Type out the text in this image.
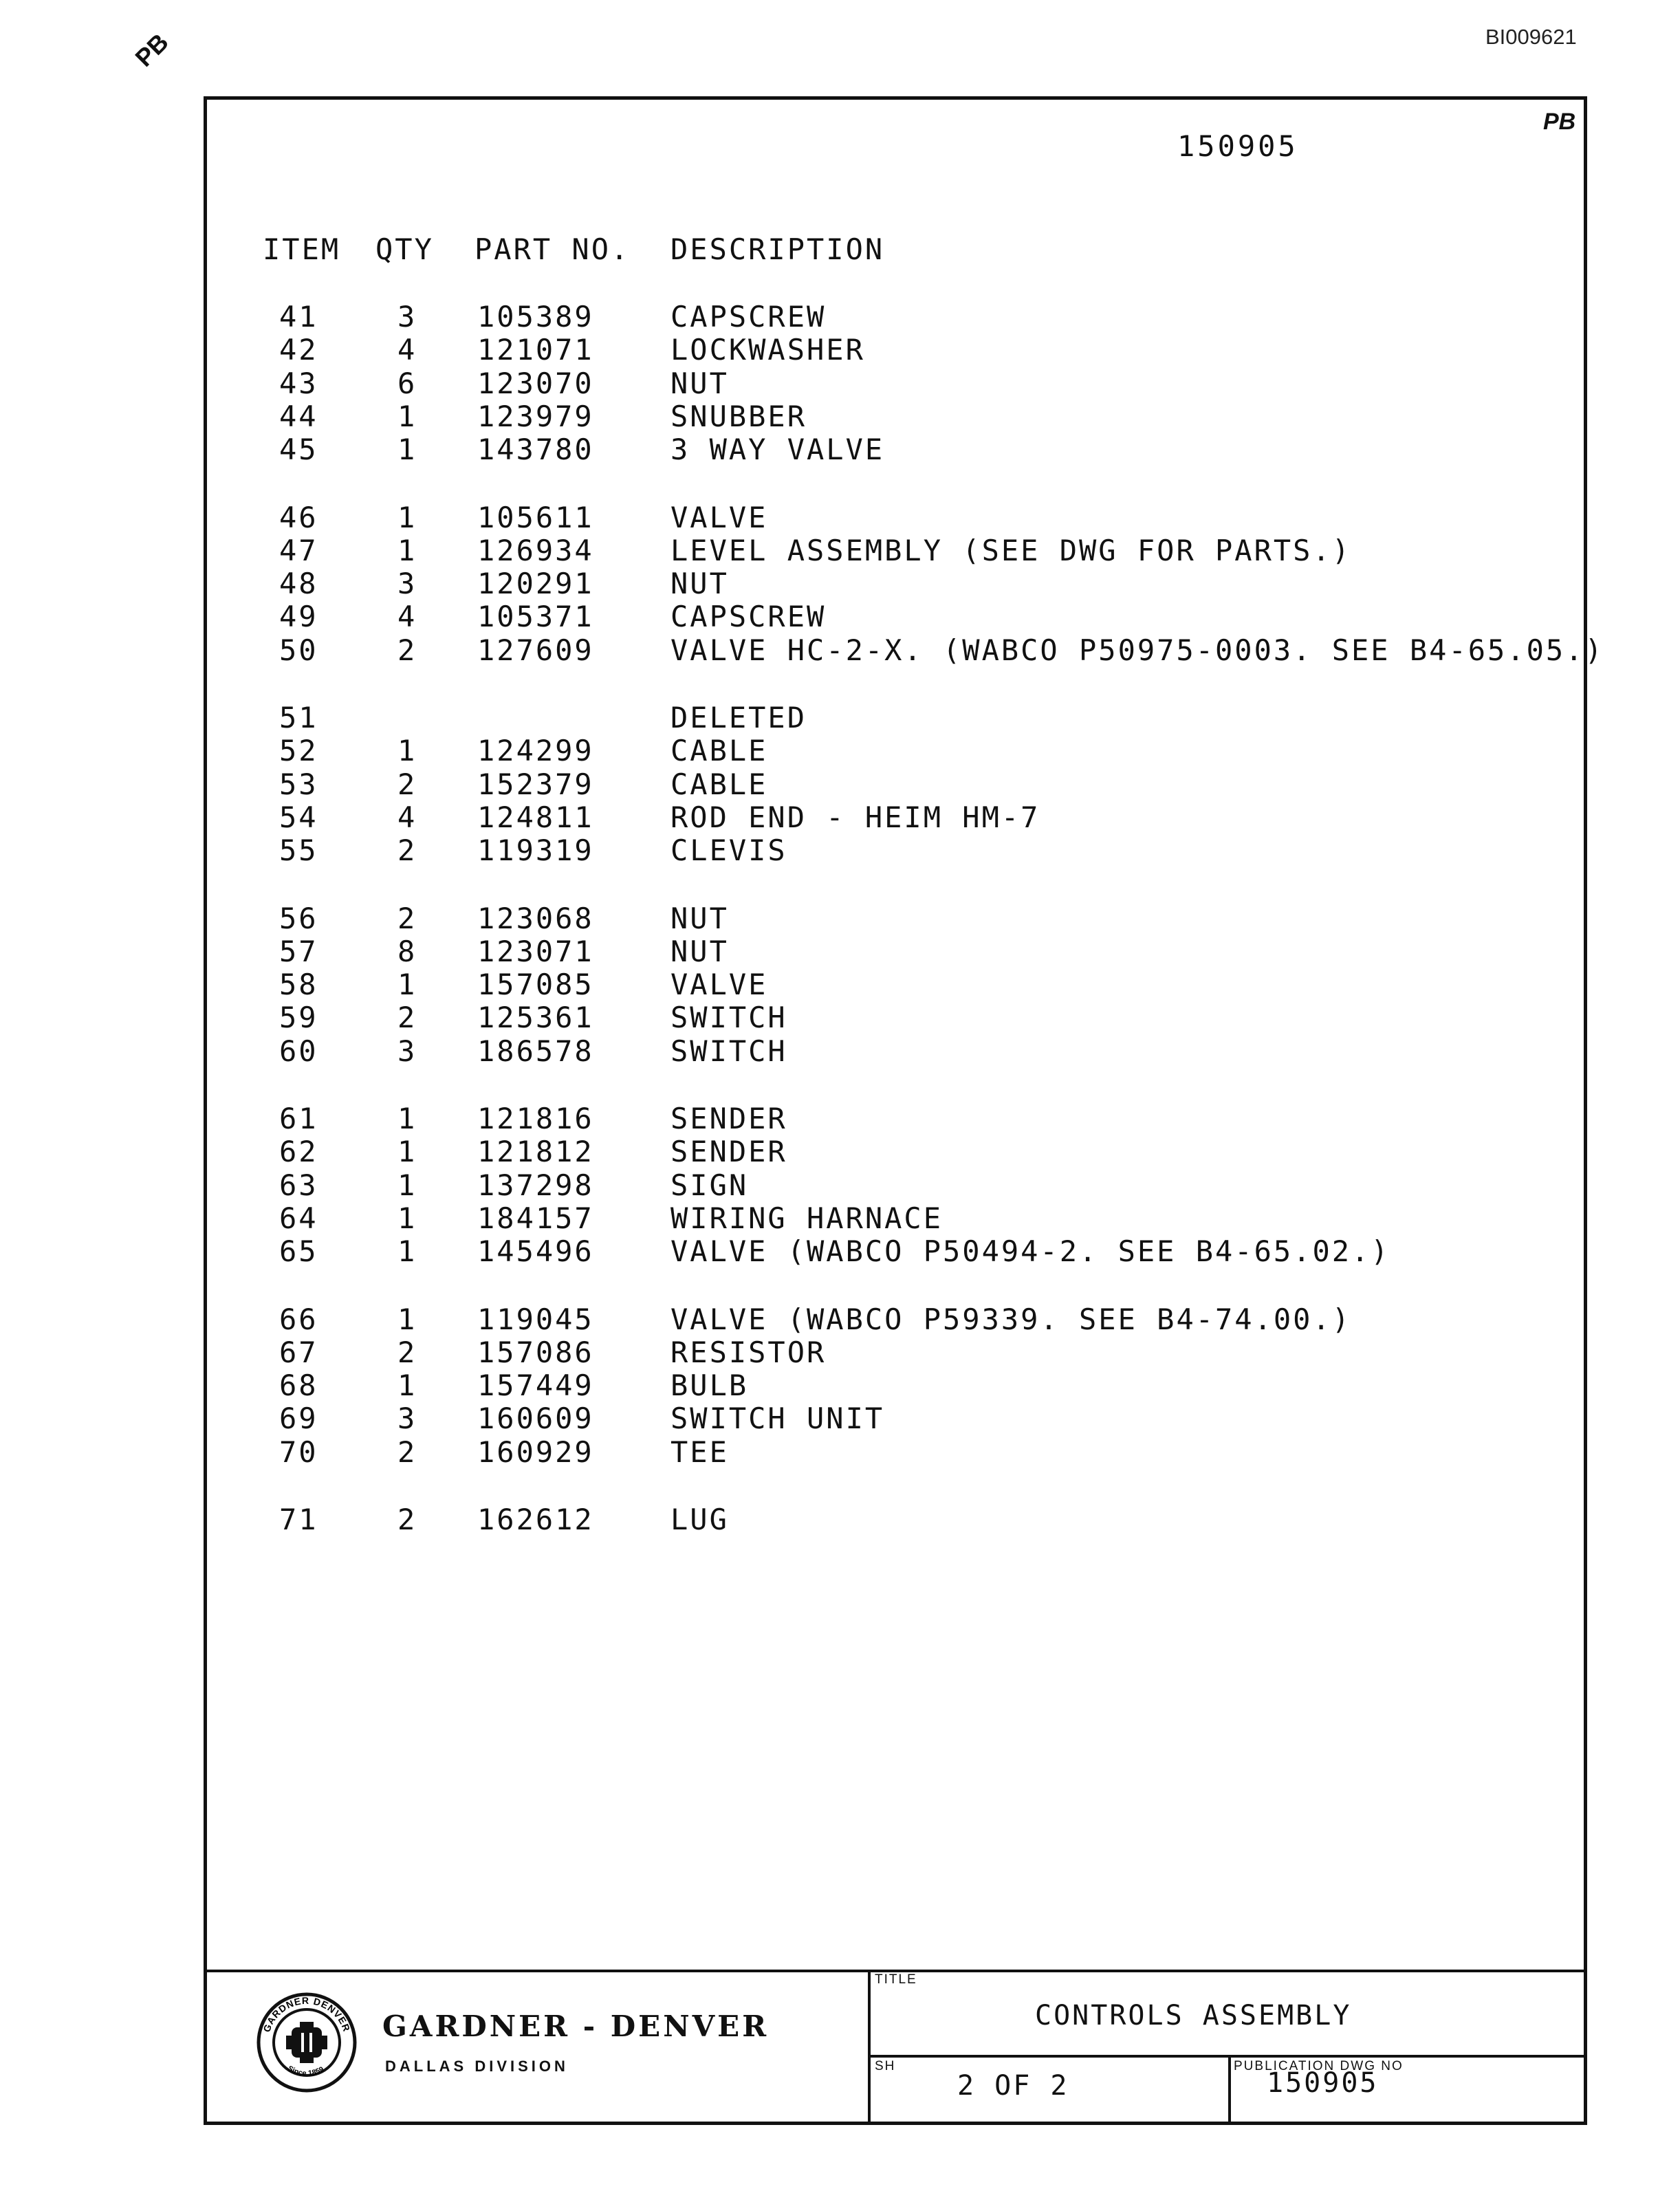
BI009621
PB
PB
150905
ITEM QTY PART NO. DESCRIPTION
41	3 105389	CAPSCREW
42	4 121071	LOCKWASHER
43	6 123070	NUT
44	1 123979	SNUBBER
45	1 143780	3 WAY VALVE
46	1 105611	VALVE
47	1 126934	LEVEL ASSEMBLY (SEE DWG FOR PARTS.)
48	3 120291	NUT
49	4 105371	CAPSCREW
50	2 127609	VALVE HC-2-X. (WABCO P50975-0003. SEE B4-65.05.)
51	DELETED
52	1 124299	CABLE
53	2 152379	CABLE
54	4 124811	ROD END - HEIM HM-7
55	2 119319	CLEVIS
56	2 123068	NUT
57	8 123071	NUT
58	1 157085	VALVE
59	2 125361	SWITCH
60	3 186578	SWITCH
61	1 121816	SENDER
62	1 121812	SENDER
63	1 137298	SIGN
64	1 184157	WIRING HARNACE
65	1 145496	VALVE (WABCO P50494-2. SEE B4-65.02.)
66	1 119045	VALVE (WABCO P59339. SEE B4-74.00.)
67	2 157086	RESISTOR
68	1 157449	BULB
69	3 160609	SWITCH UNIT
70	2 160929	TEE
71	2 162612	LUG
GARDNER DENVER
Since 1859
GARDNER - DENVER
DALLAS DIVISION
TITLE
CONTROLS ASSEMBLY
SH
2 OF 2
PUBLICATION DWG NO
150905
